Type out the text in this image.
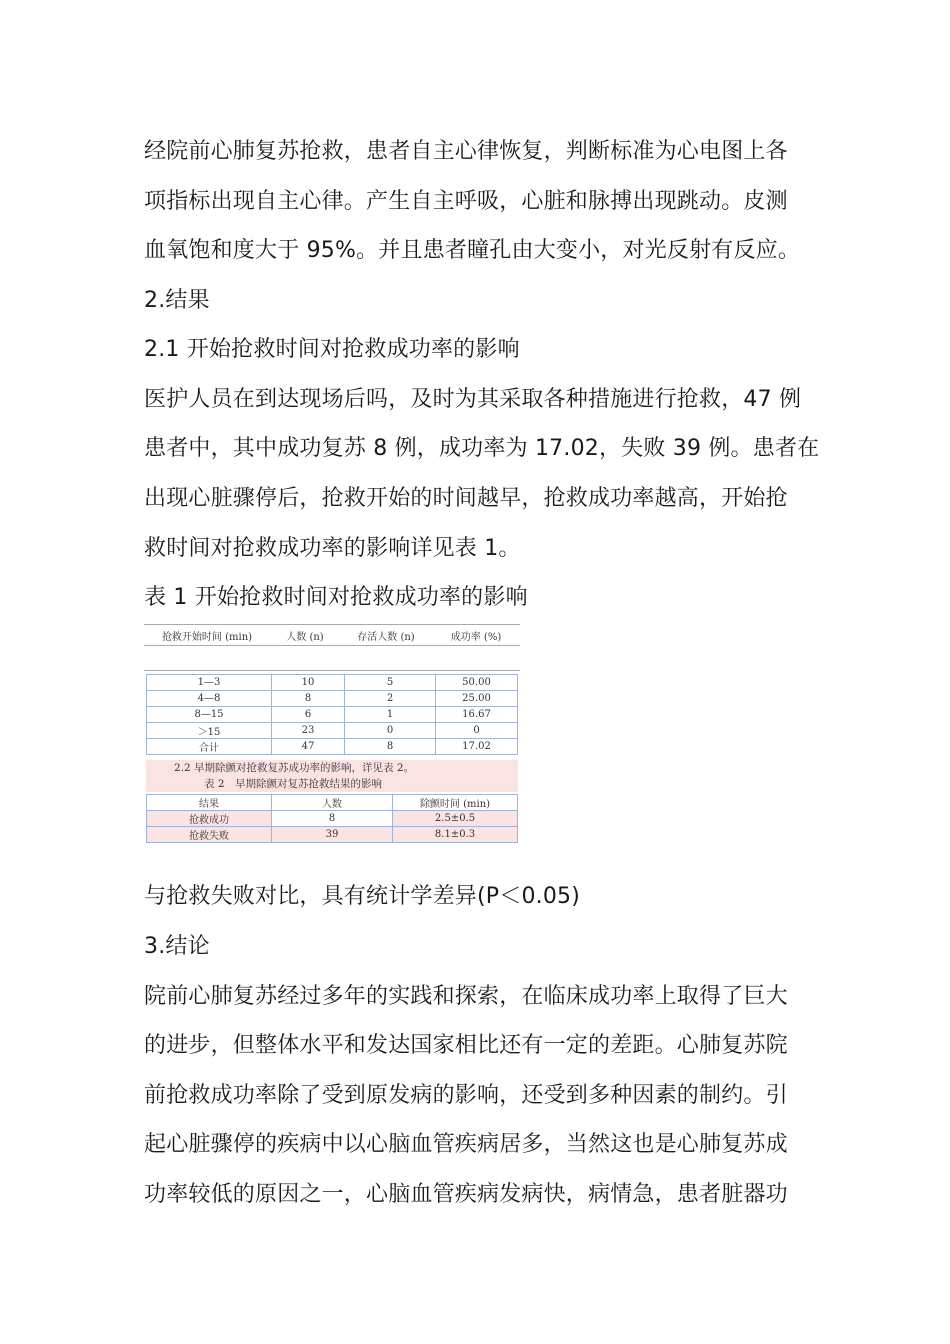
经院前心肺复苏抢救，患者自主心律恢复，判断标准为心电图上各
项指标出现自主心律。产生自主呼吸，心脏和脉搏出现跳动。皮测
血氧饱和度大于 95%。并且患者瞳孔由大变小，对光反射有反应。
2.结果
2.1 开始抢救时间对抢救成功率的影响
医护人员在到达现场后吗，及时为其采取各种措施进行抢救，47 例
患者中，其中成功复苏 8 例，成功率为 17.02，失败 39 例。患者在
出现心脏骤停后，抢救开始的时间越早，抢救成功率越高，开始抢
救时间对抢救成功率的影响详见表 1。
表 1 开始抢救时间对抢救成功率的影响
抢救开始时间 (min)	人数 (n)	存活人数 (n)	成功率 (%)
1—3	10	5	50.00
4—8	8	2	25.00
8—15	6	1	16.67
＞15	23	0	0
合计	47	8	17.02
2.2 早期除颤对抢救复苏成功率的影响，详见表 2。
表 2　早期除颤对复苏抢救结果的影响
结果	人数	除颤时间 (min)
抢救成功	8	2.5±0.5
抢救失败	39	8.1±0.3
与抢救失败对比，具有统计学差异(P＜0.05)
3.结论
院前心肺复苏经过多年的实践和探索，在临床成功率上取得了巨大
的进步，但整体水平和发达国家相比还有一定的差距。心肺复苏院
前抢救成功率除了受到原发病的影响，还受到多种因素的制约。引
起心脏骤停的疾病中以心脑血管疾病居多，当然这也是心肺复苏成
功率较低的原因之一，心脑血管疾病发病快，病情急，患者脏器功
